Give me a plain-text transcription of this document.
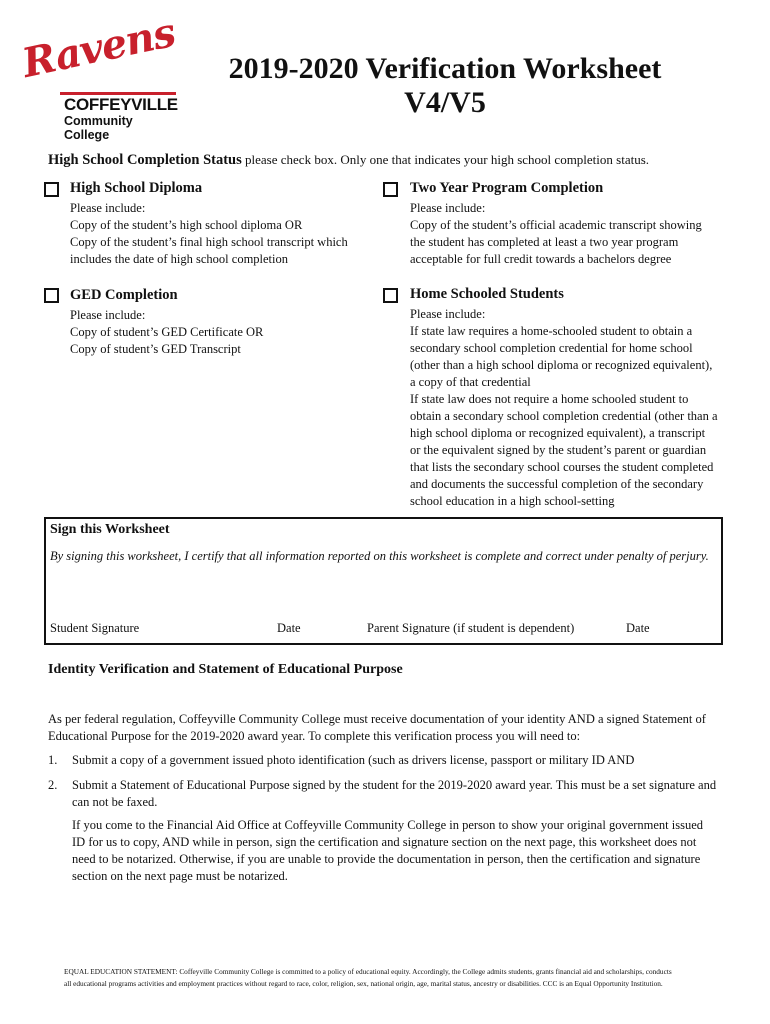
Ravens
COFFEYVILLE
Community College
2019-2020 Verification Worksheet
V4/V5
High School Completion Status please check box. Only one that indicates your high school completion status.
High School Diploma
Please include:
Copy of the student’s high school diploma OR
Copy of the student’s final high school transcript which
includes the date of high school completion
Two Year Program Completion
Please include:
Copy of the student’s official academic transcript showing
the student has completed at least a two year program
acceptable for full credit towards a bachelors degree
GED Completion
Please include:
Copy of student’s GED Certificate OR
Copy of student’s GED Transcript
Home Schooled Students
Please include:
If state law requires a home-schooled student to obtain a
secondary school completion credential for home school
(other than a high school diploma or recognized equivalent),
a copy of that credential
If state law does not require a home schooled student to
obtain a secondary school completion credential (other than a
high school diploma or recognized equivalent), a transcript
or the equivalent signed by the student’s parent or guardian
that lists the secondary school courses the student completed
and documents the successful completion of the secondary
school education in a high school-setting
Sign this Worksheet
By signing this worksheet, I certify that all information reported on this worksheet is complete and correct under penalty of perjury.
Student Signature	Date	Parent Signature (if student is dependent)	Date
Identity Verification and Statement of Educational Purpose
As per federal regulation, Coffeyville Community College must receive documentation of your identity AND a signed Statement of
Educational Purpose for the 2019-2020 award year. To complete this verification process you will need to:
1. Submit a copy of a government issued photo identification (such as drivers license, passport or military ID AND
2. Submit a Statement of Educational Purpose signed by the student for the 2019-2020 award year. This must be a set signature and
can not be faxed.
If you come to the Financial Aid Office at Coffeyville Community College in person to show your original government issued
ID for us to copy, AND while in person, sign the certification and signature section on the next page, this worksheet does not
need to be notarized. Otherwise, if you are unable to provide the documentation in person, then the certification and signature
section on the next page must be notarized.
EQUAL EDUCATION STATEMENT: Coffeyville Community College is committed to a policy of educational equity. Accordingly, the College admits students, grants financial aid and scholarships, conducts
all educational programs activities and employment practices without regard to race, color, religion, sex, national origin, age, marital status, ancestry or disabilities. CCC is an Equal Opportunity Institution.
